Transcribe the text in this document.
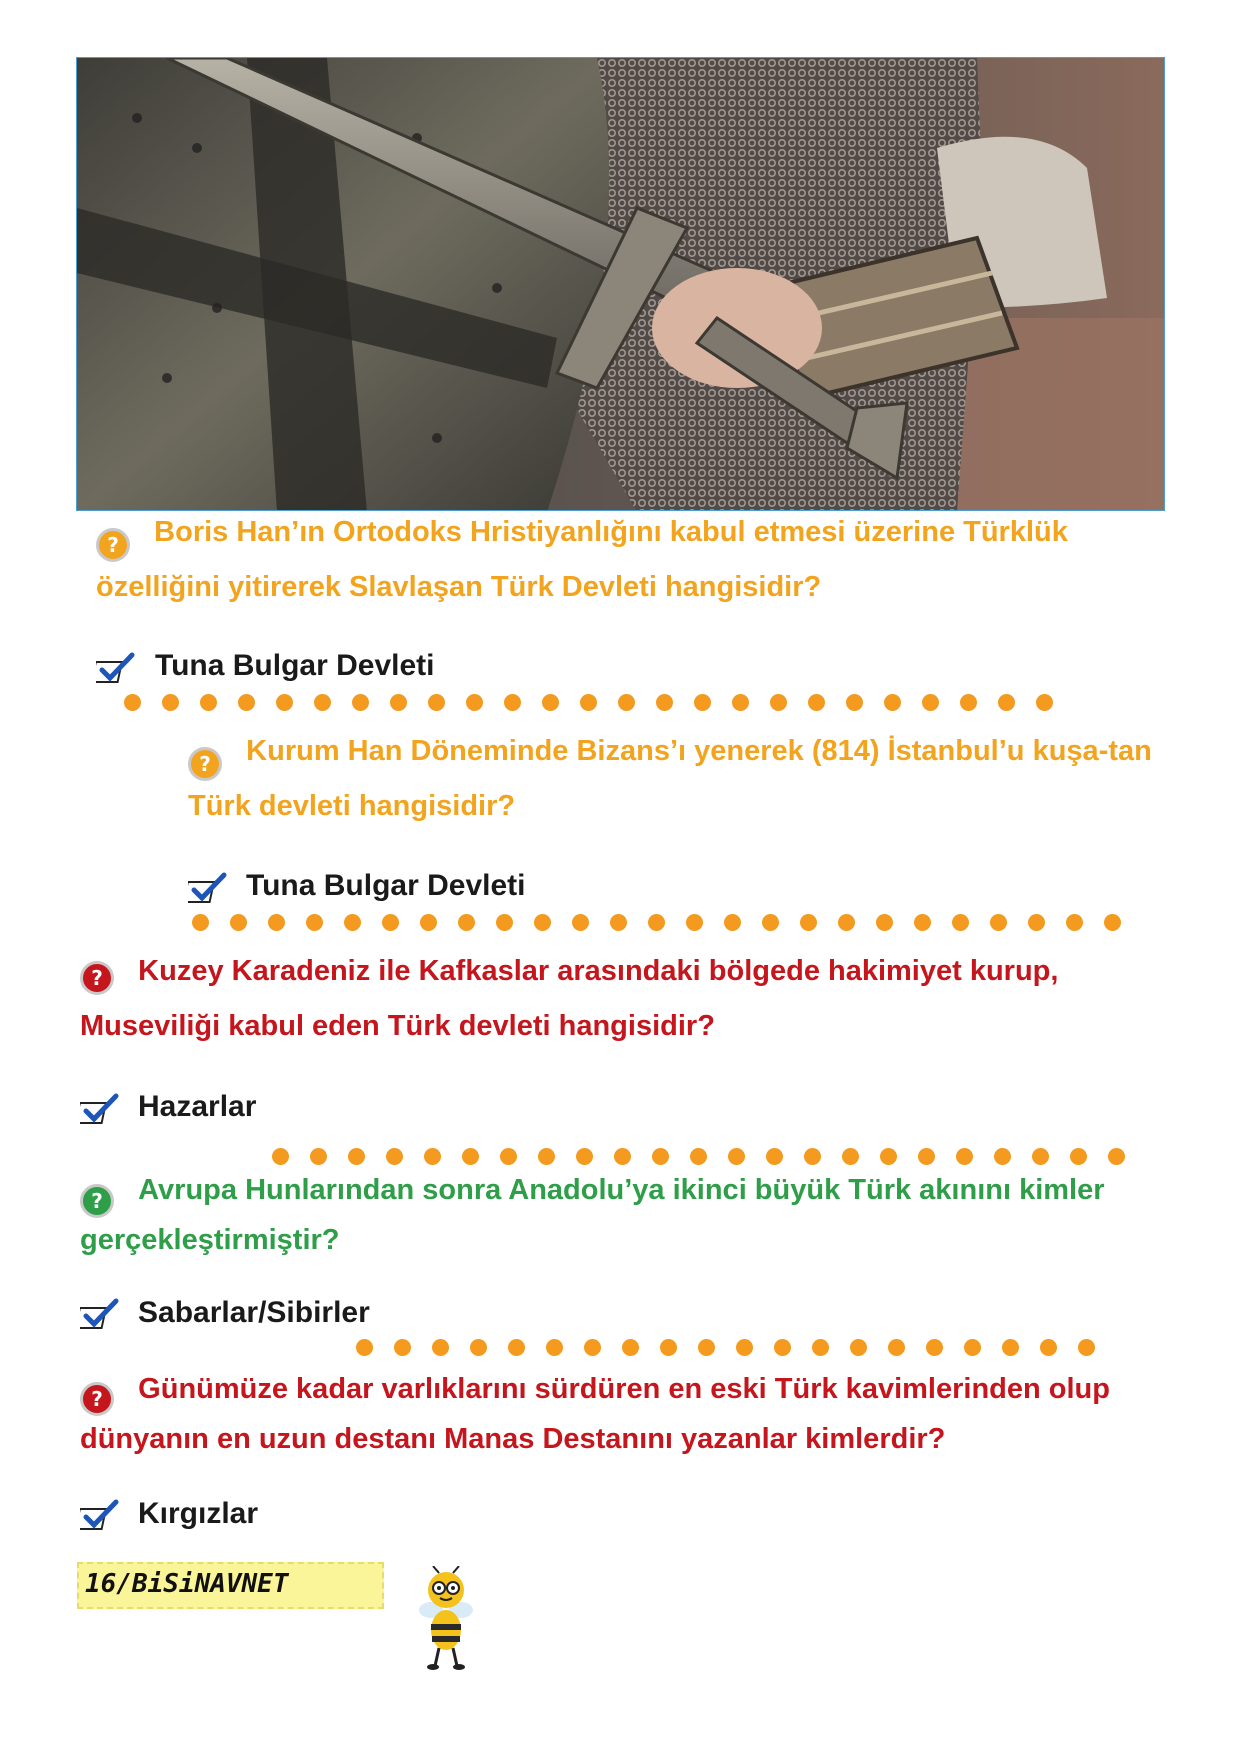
?	Boris Han’ın Ortodoks Hristiyanlığını kabul etmesi üzerine Türklük özelliğini yitirerek Slavlaşan Türk Devleti hangisidir?
Tuna Bulgar Devleti
?	Kurum Han Döneminde Bizans’ı yenerek (814) İstanbul’u kuşa-tan Türk devleti hangisidir?
Tuna Bulgar Devleti
?	Kuzey Karadeniz ile Kafkaslar arasındaki bölgede hakimiyet kurup, Museviliği kabul eden Türk devleti hangisidir?
Hazarlar
?	Avrupa Hunlarından sonra Anadolu’ya ikinci büyük Türk akınını kimler gerçekleştirmiştir?
Sabarlar/Sibirler
?	Günümüze kadar varlıklarını sürdüren en eski Türk kavimlerinden olup dünyanın en uzun destanı Manas Destanını yazanlar kimlerdir?
Kırgızlar
16/BiSiNAVNET
